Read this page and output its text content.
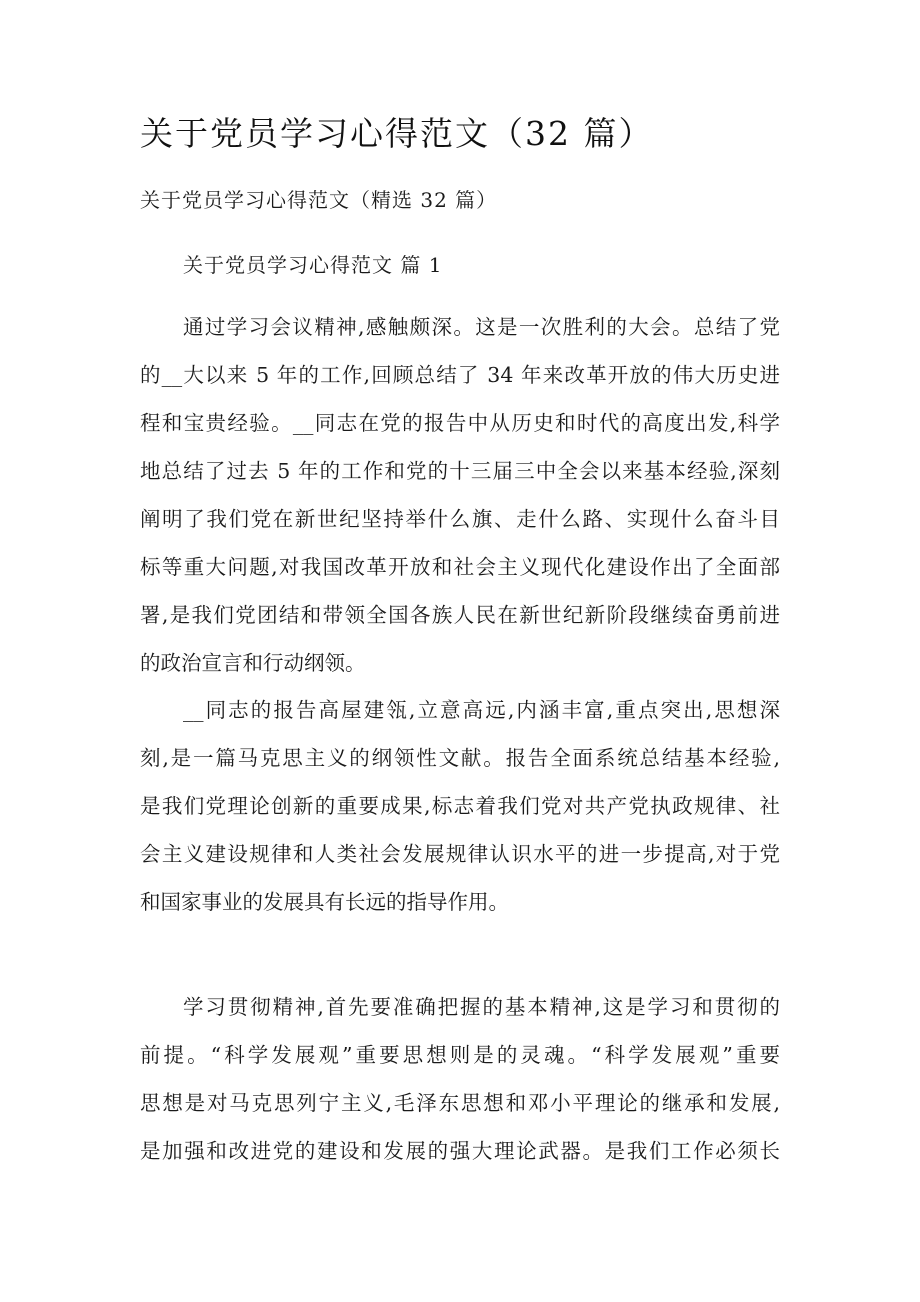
关于党员学习心得范文（32 篇）
关于党员学习心得范文（精选 32 篇）
关于党员学习心得范文 篇 1
通过学习会议精神,感触颇深。这是一次胜利的大会。总结了党
的__大以来 5 年的工作,回顾总结了 34 年来改革开放的伟大历史进
程和宝贵经验。__同志在党的报告中从历史和时代的高度出发,科学
地总结了过去 5 年的工作和党的十三届三中全会以来基本经验,深刻
阐明了我们党在新世纪坚持举什么旗、走什么路、实现什么奋斗目
标等重大问题,对我国改革开放和社会主义现代化建设作出了全面部
署,是我们党团结和带领全国各族人民在新世纪新阶段继续奋勇前进
的政治宣言和行动纲领。
__同志的报告高屋建瓴,立意高远,内涵丰富,重点突出,思想深
刻,是一篇马克思主义的纲领性文献。报告全面系统总结基本经验,
是我们党理论创新的重要成果,标志着我们党对共产党执政规律、社
会主义建设规律和人类社会发展规律认识水平的进一步提高,对于党
和国家事业的发展具有长远的指导作用。
学习贯彻精神,首先要准确把握的基本精神,这是学习和贯彻的
前提。“科学发展观”重要思想则是的灵魂。“科学发展观”重要
思想是对马克思列宁主义,毛泽东思想和邓小平理论的继承和发展,
是加强和改进党的建设和发展的强大理论武器。是我们工作必须长
